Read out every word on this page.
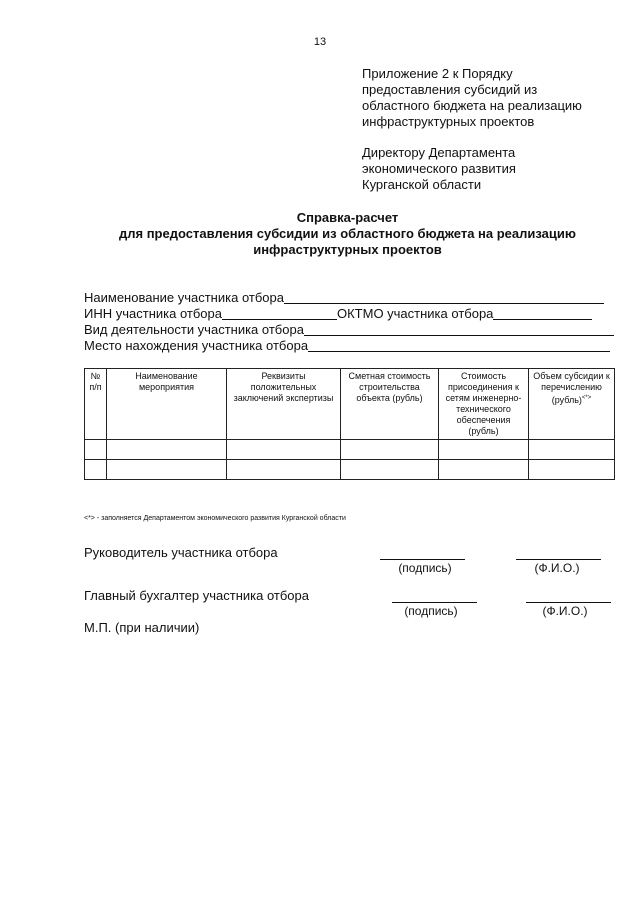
13
Приложение 2 к Порядку
предоставления субсидий из
областного бюджета на реализацию
инфраструктурных проектов
Директору Департамента
экономического развития
Курганской области
Справка-расчет
для предоставления субсидии из областного бюджета на реализацию
инфраструктурных проектов
Наименование участника отбора
ИНН участника отбора	ОКТМО участника отбора
Вид деятельности участника отбора
Место нахождения участника отбора
№ п/п	Наименование мероприятия	Реквизиты положительных заключений экспертизы	Сметная стоимость строительства объекта (рубль)	Стоимость присоединения к сетям инженерно-технического обеспечения (рубль)	Объем субсидии к перечислению (рубль)<*>

<*> - заполняется Департаментом экономического развития Курганской области
Руководитель участника отбора
(подпись)	(Ф.И.О.)
Главный бухгалтер участника отбора
(подпись)	(Ф.И.О.)
М.П. (при наличии)
